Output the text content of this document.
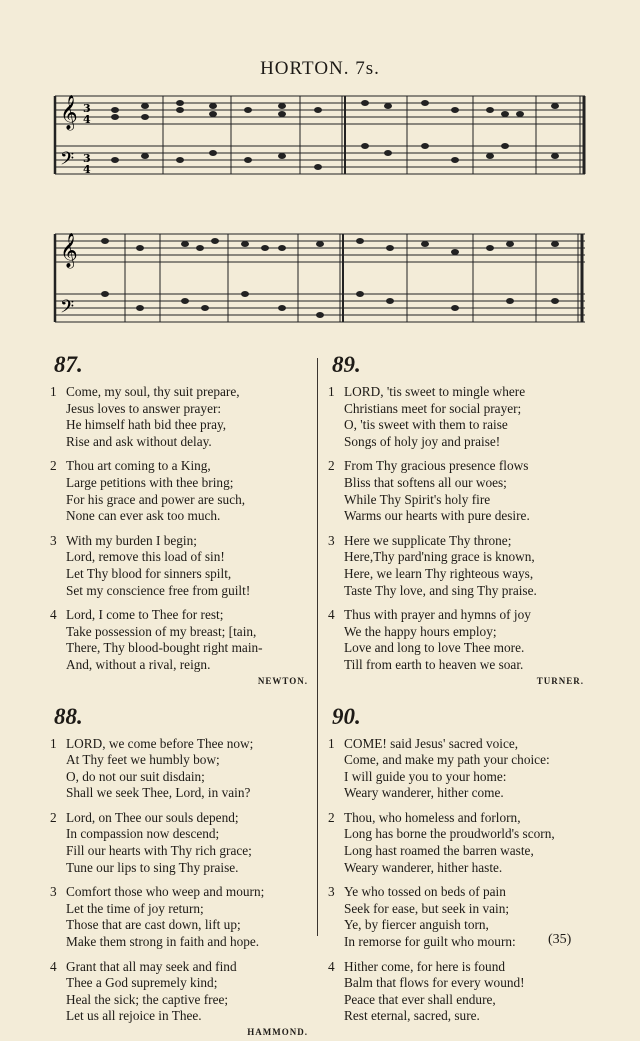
HORTON. 7s.
𝄞
𝄢
3
4
3
4
𝄞
𝄢
87.
1 Come, my soul, thy suit prepare,
Jesus loves to answer prayer:
He himself hath bid thee pray,
Rise and ask without delay.
2 Thou art coming to a King,
Large petitions with thee bring;
For his grace and power are such,
None can ever ask too much.
3 With my burden I begin;
Lord, remove this load of sin!
Let Thy blood for sinners spilt,
Set my conscience free from guilt!
4 Lord, I come to Thee for rest;
Take possession of my breast; [tain,
There, Thy blood-bought right main-
And, without a rival, reign.
NEWTON.
88.
1 LORD, we come before Thee now;
At Thy feet we humbly bow;
O, do not our suit disdain;
Shall we seek Thee, Lord, in vain?
2 Lord, on Thee our souls depend;
In compassion now descend;
Fill our hearts with Thy rich grace;
Tune our lips to sing Thy praise.
3 Comfort those who weep and mourn;
Let the time of joy return;
Those that are cast down, lift up;
Make them strong in faith and hope.
4 Grant that all may seek and find
Thee a God supremely kind;
Heal the sick; the captive free;
Let us all rejoice in Thee.
HAMMOND.
89.
1 LORD, 'tis sweet to mingle where
Christians meet for social prayer;
O, 'tis sweet with them to raise
Songs of holy joy and praise!
2 From Thy gracious presence flows
Bliss that softens all our woes;
While Thy Spirit's holy fire
Warms our hearts with pure desire.
3 Here we supplicate Thy throne;
Here,Thy pard'ning grace is known,
Here, we learn Thy righteous ways,
Taste Thy love, and sing Thy praise.
4 Thus with prayer and hymns of joy
We the happy hours employ;
Love and long to love Thee more.
Till from earth to heaven we soar.
TURNER.
90.
1 COME! said Jesus' sacred voice,
Come, and make my path your choice:
I will guide you to your home:
Weary wanderer, hither come.
2 Thou, who homeless and forlorn,
Long has borne the proudworld's scorn,
Long hast roamed the barren waste,
Weary wanderer, hither haste.
3 Ye who tossed on beds of pain
Seek for ease, but seek in vain;
Ye, by fiercer anguish torn,
In remorse for guilt who mourn:
4 Hither come, for here is found
Balm that flows for every wound!
Peace that ever shall endure,
Rest eternal, sacred, sure.
(35)
